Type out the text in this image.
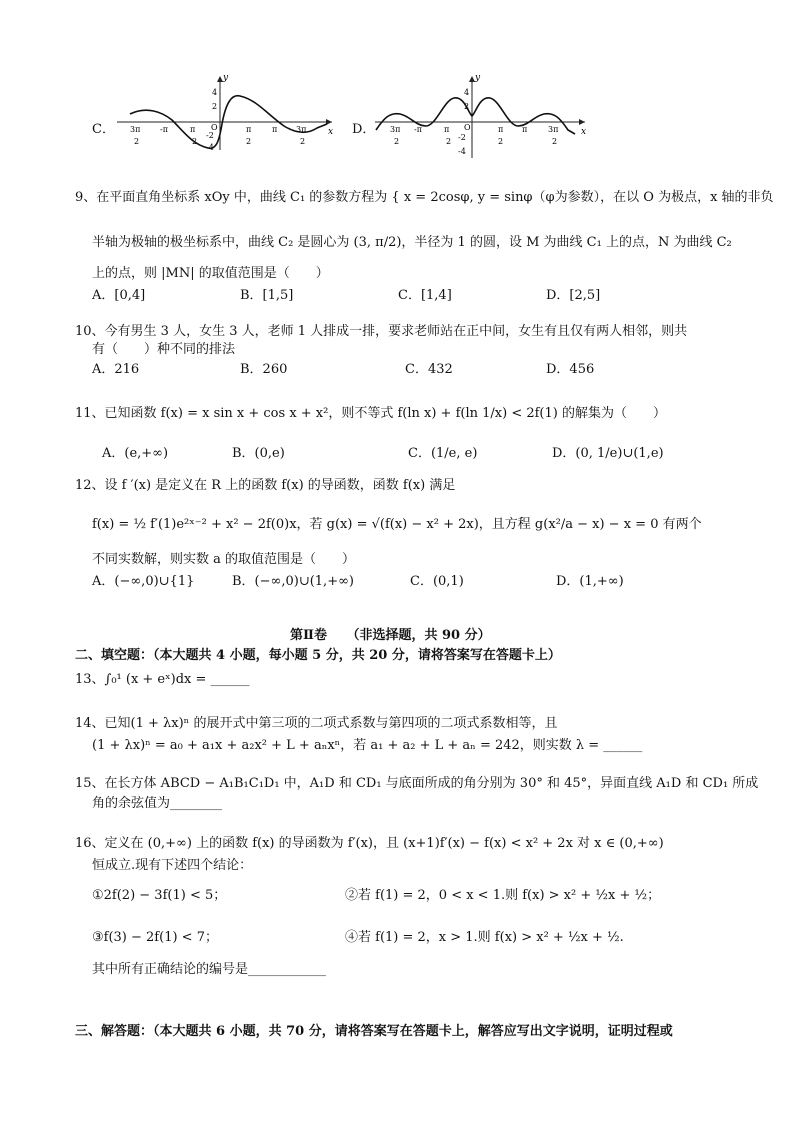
C．
y
x
O
4
2
-2
-4
3π
2
-π	π
2
π
2
π 3π
2
D．
y
x
O
4
2
-2
-4
3π
2
-π	π
2
π
2
π	3π
2
9、在平面直角坐标系 xOy 中，曲线 C₁ 的参数方程为 { x = 2cosφ, y = sinφ（φ为参数），在以 O 为极点，x 轴的非负
半轴为极轴的极坐标系中，曲线 C₂ 是圆心为 (3, π/2)，半径为 1 的圆，设 M 为曲线 C₁ 上的点，N 为曲线 C₂
上的点，则 |MN| 的取值范围是（　　）
A．[0,4]	B．[1,5]	C．[1,4]	D．[2,5]
10、今有男生 3 人，女生 3 人，老师 1 人排成一排，要求老师站在正中间，女生有且仅有两人相邻，则共
有（　　）种不同的排法
A．216	B．260	C．432	D．456
11、已知函数 f(x) = x sin x + cos x + x²，则不等式 f(ln x) + f(ln 1/x) < 2f(1) 的解集为（　　）
A．(e,+∞)	B．(0,e)	C．(1/e, e)	D．(0, 1/e)∪(1,e)
12、设 f ′(x) 是定义在 R 上的函数 f(x) 的导函数，函数 f(x) 满足
f(x) = ½ f′(1)e²ˣ⁻² + x² − 2f(0)x，若 g(x) = √(f(x) − x² + 2x)，且方程 g(x²/a − x) − x = 0 有两个
不同实数解，则实数 a 的取值范围是（　　）
A．(−∞,0)∪{1}	B．(−∞,0)∪(1,+∞)	C．(0,1)	D．(1,+∞)
第Ⅱ卷　　（非选择题，共 90 分）
二、填空题：（本大题共 4 小题，每小题 5 分，共 20 分，请将答案写在答题卡上）
13、∫₀¹ (x + eˣ)dx = ______
14、已知(1 + λx)ⁿ 的展开式中第三项的二项式系数与第四项的二项式系数相等，且
(1 + λx)ⁿ = a₀ + a₁x + a₂x² + L + aₙxⁿ，若 a₁ + a₂ + L + aₙ = 242，则实数 λ = ______
15、在长方体 ABCD − A₁B₁C₁D₁ 中，A₁D 和 CD₁ 与底面所成的角分别为 30° 和 45°，异面直线 A₁D 和 CD₁ 所成
角的余弦值为________
16、定义在 (0,+∞) 上的函数 f(x) 的导函数为 f′(x)，且 (x+1)f′(x) − f(x) < x² + 2x 对 x ∈ (0,+∞)
恒成立.现有下述四个结论：
①2f(2) − 3f(1) < 5；	②若 f(1) = 2，0 < x < 1.则 f(x) > x² + ½x + ½；
③f(3) − 2f(1) < 7；	④若 f(1) = 2，x > 1.则 f(x) > x² + ½x + ½.
其中所有正确结论的编号是____________
三、解答题：（本大题共 6 小题，共 70 分，请将答案写在答题卡上，解答应写出文字说明，证明过程或
